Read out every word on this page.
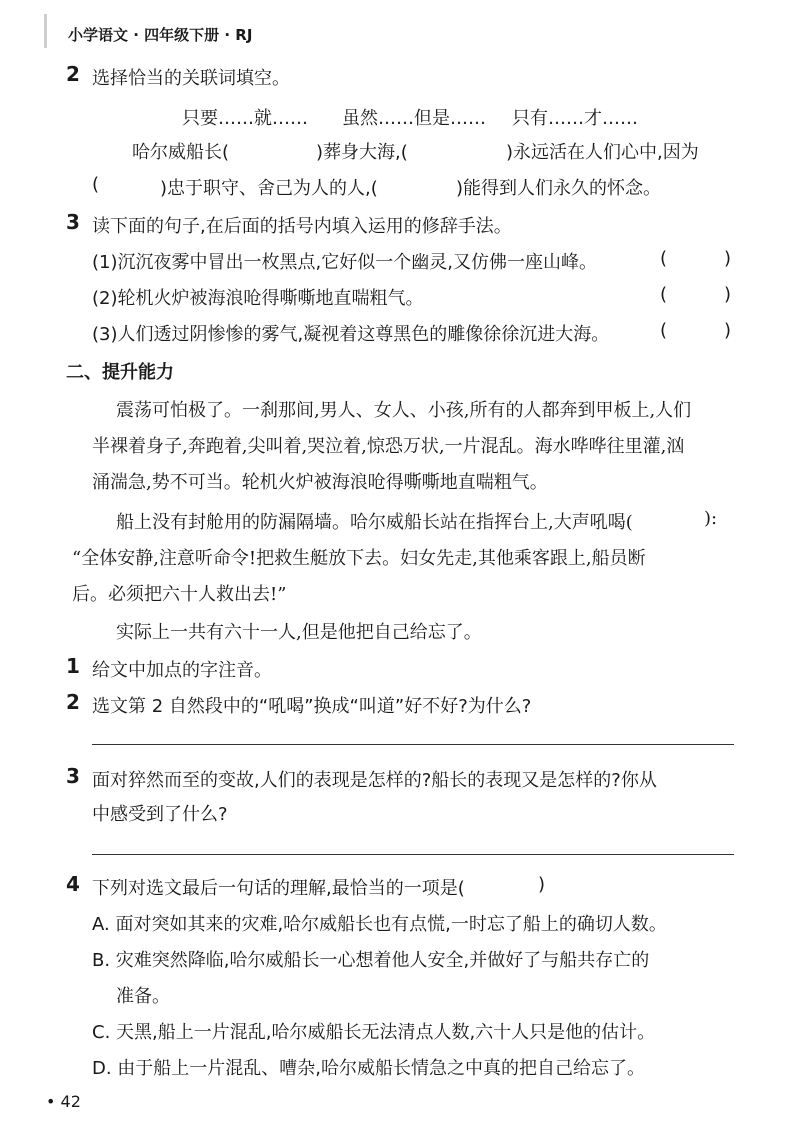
小学语文 · 四年级下册 · RJ
2 选择恰当的关联词填空。
只要……就…… 虽然……但是…… 只有……才……
哈尔威船长(	)葬身大海,(	)永远活在人们心中,因为
(	)忠于职守、舍己为人的人,(	)能得到人们永久的怀念。
3 读下面的句子,在后面的括号内填入运用的修辞手法。
(1)沉沉夜雾中冒出一枚黑点,它好似一个幽灵,又仿佛一座山峰。	(	)
(2)轮机火炉被海浪呛得嘶嘶地直喘粗气。	(	)
(3)人们透过阴惨惨的雾气,凝视着这尊黑色的雕像徐徐沉进大海。	(	)
二、提升能力
震荡可怕极了。一刹那间,男人、女人、小孩,所有的人都奔到甲板上,人们
半裸着身子,奔跑着,尖叫着,哭泣着,惊恐万状,一片混乱。海水哗哗往里灌,汹
涌湍急,势不可当。轮机火炉被海浪呛得嘶嘶地直喘粗气。
船上没有封舱用的防漏隔墙。哈尔威船长站在指挥台上,大声吼喝(	):
“全体安静,注意听命令!把救生艇放下去。妇女先走,其他乘客跟上,船员断
后。必须把六十人救出去!”
实际上一共有六十一人,但是他把自己给忘了。
1 给文中加点的字注音。
2 选文第 2 自然段中的“吼喝”换成“叫道”好不好?为什么?
3 面对猝然而至的变故,人们的表现是怎样的?船长的表现又是怎样的?你从
中感受到了什么?
4 下列对选文最后一句话的理解,最恰当的一项是(	)
A. 面对突如其来的灾难,哈尔威船长也有点慌,一时忘了船上的确切人数。
B. 灾难突然降临,哈尔威船长一心想着他人安全,并做好了与船共存亡的
准备。
C. 天黑,船上一片混乱,哈尔威船长无法清点人数,六十人只是他的估计。
D. 由于船上一片混乱、嘈杂,哈尔威船长情急之中真的把自己给忘了。
• 42
